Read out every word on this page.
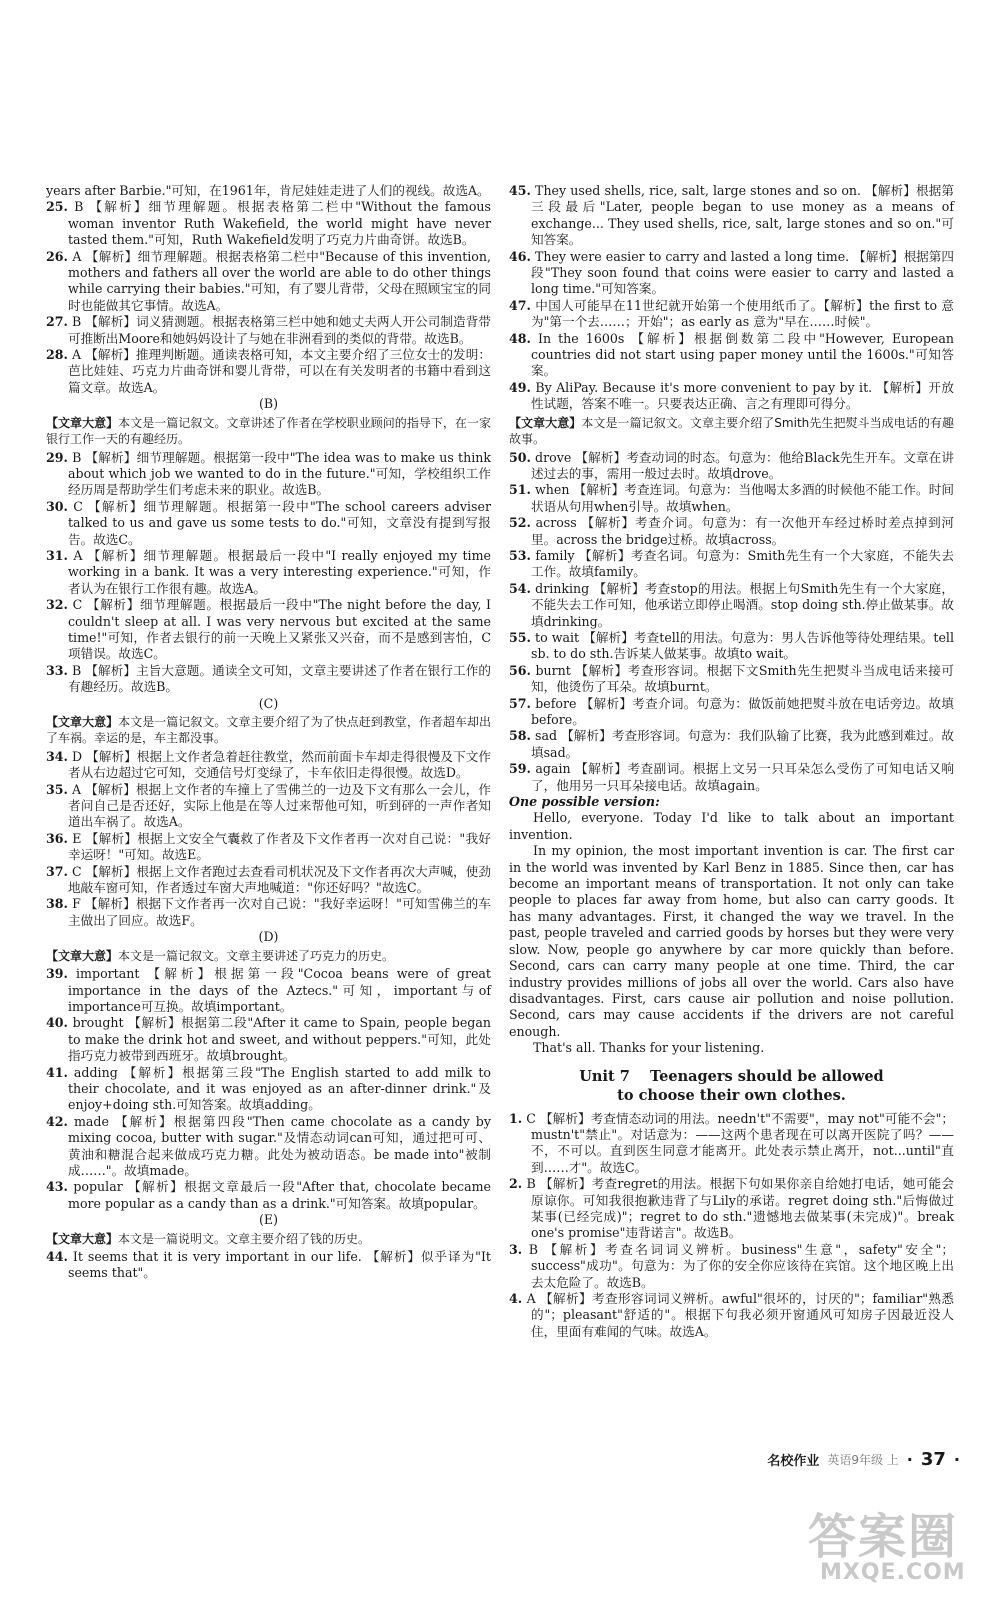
years after Barbie."可知，在1961年，肯尼娃娃走进了人们的视线。故选A。
25. B 【解析】细节理解题。根据表格第二栏中"Without the famous woman inventor Ruth Wakefield, the world might have never tasted them."可知，Ruth Wakefield发明了巧克力片曲奇饼。故选B。
26. A 【解析】细节理解题。根据表格第二栏中"Because of this invention, mothers and fathers all over the world are able to do other things while carrying their babies."可知，有了婴儿背带，父母在照顾宝宝的同时也能做其它事情。故选A。
27. B 【解析】词义猜测题。根据表格第三栏中她和她丈夫两人开公司制造背带可推断出Moore和她妈妈设计了与她在非洲看到的类似的背带。故选B。
28. A 【解析】推理判断题。通读表格可知，本文主要介绍了三位女士的发明：芭比娃娃、巧克力片曲奇饼和婴儿背带，可以在有关发明者的书籍中看到这篇文章。故选A。
(B)
【文章大意】本文是一篇记叙文。文章讲述了作者在学校职业顾问的指导下，在一家银行工作一天的有趣经历。
29. B 【解析】细节理解题。根据第一段中"The idea was to make us think about which job we wanted to do in the future."可知，学校组织工作经历周是帮助学生们考虑未来的职业。故选B。
30. C 【解析】细节理解题。根据第一段中"The school careers adviser talked to us and gave us some tests to do."可知，文章没有提到写报告。故选C。
31. A 【解析】细节理解题。根据最后一段中"I really enjoyed my time working in a bank. It was a very interesting experience."可知，作者认为在银行工作很有趣。故选A。
32. C 【解析】细节理解题。根据最后一段中"The night before the day, I couldn't sleep at all. I was very nervous but excited at the same time!"可知，作者去银行的前一天晚上又紧张又兴奋，而不是感到害怕，C项错误。故选C。
33. B 【解析】主旨大意题。通读全文可知，文章主要讲述了作者在银行工作的有趣经历。故选B。
(C)
【文章大意】本文是一篇记叙文。文章主要介绍了为了快点赶到教堂，作者超车却出了车祸。幸运的是，车主都没事。
34. D 【解析】根据上文作者急着赶往教堂，然而前面卡车却走得很慢及下文作者从右边超过它可知，交通信号灯变绿了，卡车依旧走得很慢。故选D。
35. A 【解析】根据上文作者的车撞上了雪佛兰的一边及下文有那么一会儿，作者问自己是否还好，实际上他是在等人过来帮他可知，听到砰的一声作者知道出车祸了。故选A。
36. E 【解析】根据上文安全气囊救了作者及下文作者再一次对自己说："我好幸运呀！"可知。故选E。
37. C 【解析】根据上文作者跑过去查看司机状况及下文作者再次大声喊，使劲地敲车窗可知，作者透过车窗大声地喊道："你还好吗？"故选C。
38. F 【解析】根据下文作者再一次对自己说："我好幸运呀！"可知雪佛兰的车主做出了回应。故选F。
(D)
【文章大意】本文是一篇记叙文。文章主要讲述了巧克力的历史。
39. important 【解析】根据第一段"Cocoa beans were of great importance in the days of the Aztecs."可知，important与of importance可互换。故填important。
40. brought 【解析】根据第二段"After it came to Spain, people began to make the drink hot and sweet, and without peppers."可知，此处指巧克力被带到西班牙。故填brought。
41. adding 【解析】根据第三段"The English started to add milk to their chocolate, and it was enjoyed as an after-dinner drink."及enjoy+doing sth.可知答案。故填adding。
42. made 【解析】根据第四段"Then came chocolate as a candy by mixing cocoa, butter with sugar."及情态动词can可知，通过把可可、黄油和糖混合起来做成巧克力糖。此处为被动语态。be made into"被制成……"。故填made。
43. popular 【解析】根据文章最后一段"After that, chocolate became more popular as a candy than as a drink."可知答案。故填popular。
(E)
【文章大意】本文是一篇说明文。文章主要介绍了钱的历史。
44. It seems that it is very important in our life. 【解析】似乎译为"It seems that"。
45. They used shells, rice, salt, large stones and so on. 【解析】根据第三段最后"Later, people began to use money as a means of exchange... They used shells, rice, salt, large stones and so on."可知答案。
46. They were easier to carry and lasted a long time. 【解析】根据第四段"They soon found that coins were easier to carry and lasted a long time."可知答案。
47. 中国人可能早在11世纪就开始第一个使用纸币了。【解析】the first to 意为"第一个去……；开始"；as early as 意为"早在……时候"。
48. In the 1600s 【解析】根据倒数第二段中"However, European countries did not start using paper money until the 1600s."可知答案。
49. By AliPay. Because it's more convenient to pay by it. 【解析】开放性试题，答案不唯一。只要表达正确、言之有理即可得分。
【文章大意】本文是一篇记叙文。文章主要介绍了Smith先生把熨斗当成电话的有趣故事。
50. drove 【解析】考查动词的时态。句意为：他给Black先生开车。文章在讲述过去的事，需用一般过去时。故填drove。
51. when 【解析】考查连词。句意为：当他喝太多酒的时候他不能工作。时间状语从句用when引导。故填when。
52. across 【解析】考查介词。句意为：有一次他开车经过桥时差点掉到河里。across the bridge过桥。故填across。
53. family 【解析】考查名词。句意为：Smith先生有一个大家庭，不能失去工作。故填family。
54. drinking 【解析】考查stop的用法。根据上句Smith先生有一个大家庭，不能失去工作可知，他承诺立即停止喝酒。stop doing sth.停止做某事。故填drinking。
55. to wait 【解析】考查tell的用法。句意为：男人告诉他等待处理结果。tell sb. to do sth.告诉某人做某事。故填to wait。
56. burnt 【解析】考查形容词。根据下文Smith先生把熨斗当成电话来接可知，他烫伤了耳朵。故填burnt。
57. before 【解析】考查介词。句意为：做饭前她把熨斗放在电话旁边。故填before。
58. sad 【解析】考查形容词。句意为：我们队输了比赛，我为此感到难过。故填sad。
59. again 【解析】考查副词。根据上文另一只耳朵怎么受伤了可知电话又响了，他用另一只耳朵接电话。故填again。

One possible version:

Hello, everyone. Today I'd like to talk about an important invention.

In my opinion, the most important invention is car. The first car in the world was invented by Karl Benz in 1885. Since then, car has become an important means of transportation. It not only can take people to places far away from home, but also can carry goods. It has many advantages. First, it changed the way we travel. In the past, people traveled and carried goods by horses but they were very slow. Now, people go anywhere by car more quickly than before. Second, cars can carry many people at one time. Third, the car industry provides millions of jobs all over the world. Cars also have disadvantages. First, cars cause air pollution and noise pollution. Second, cars may cause accidents if the drivers are not careful enough.

That's all. Thanks for your listening.

Unit 7    Teenagers should be allowed
to choose their own clothes.
1. C 【解析】考查情态动词的用法。needn't"不需要"，may not"可能不会"；mustn't"禁止"。对话意为：——这两个患者现在可以离开医院了吗？——不，不可以。直到医生同意才能离开。此处表示禁止离开，not...until"直到……才"。故选C。
2. B 【解析】考查regret的用法。根据下句如果你亲自给她打电话，她可能会原谅你。可知我很抱歉违背了与Lily的承诺。regret doing sth."后悔做过某事(已经完成)"；regret to do sth."遗憾地去做某事(未完成)"。break one's promise"违背诺言"。故选B。
3. B 【解析】考查名词词义辨析。business"生意"，safety"安全"；success"成功"。句意为：为了你的安全你应该待在宾馆。这个地区晚上出去太危险了。故选B。
4. A 【解析】考查形容词词义辨析。awful"很坏的，讨厌的"；familiar"熟悉的"；pleasant"舒适的"。根据下句我必须开窗通风可知房子因最近没人住，里面有难闻的气味。故选A。
名校作业 英语9年级 上 · 37 ·
答案圈
MXQE.COM
